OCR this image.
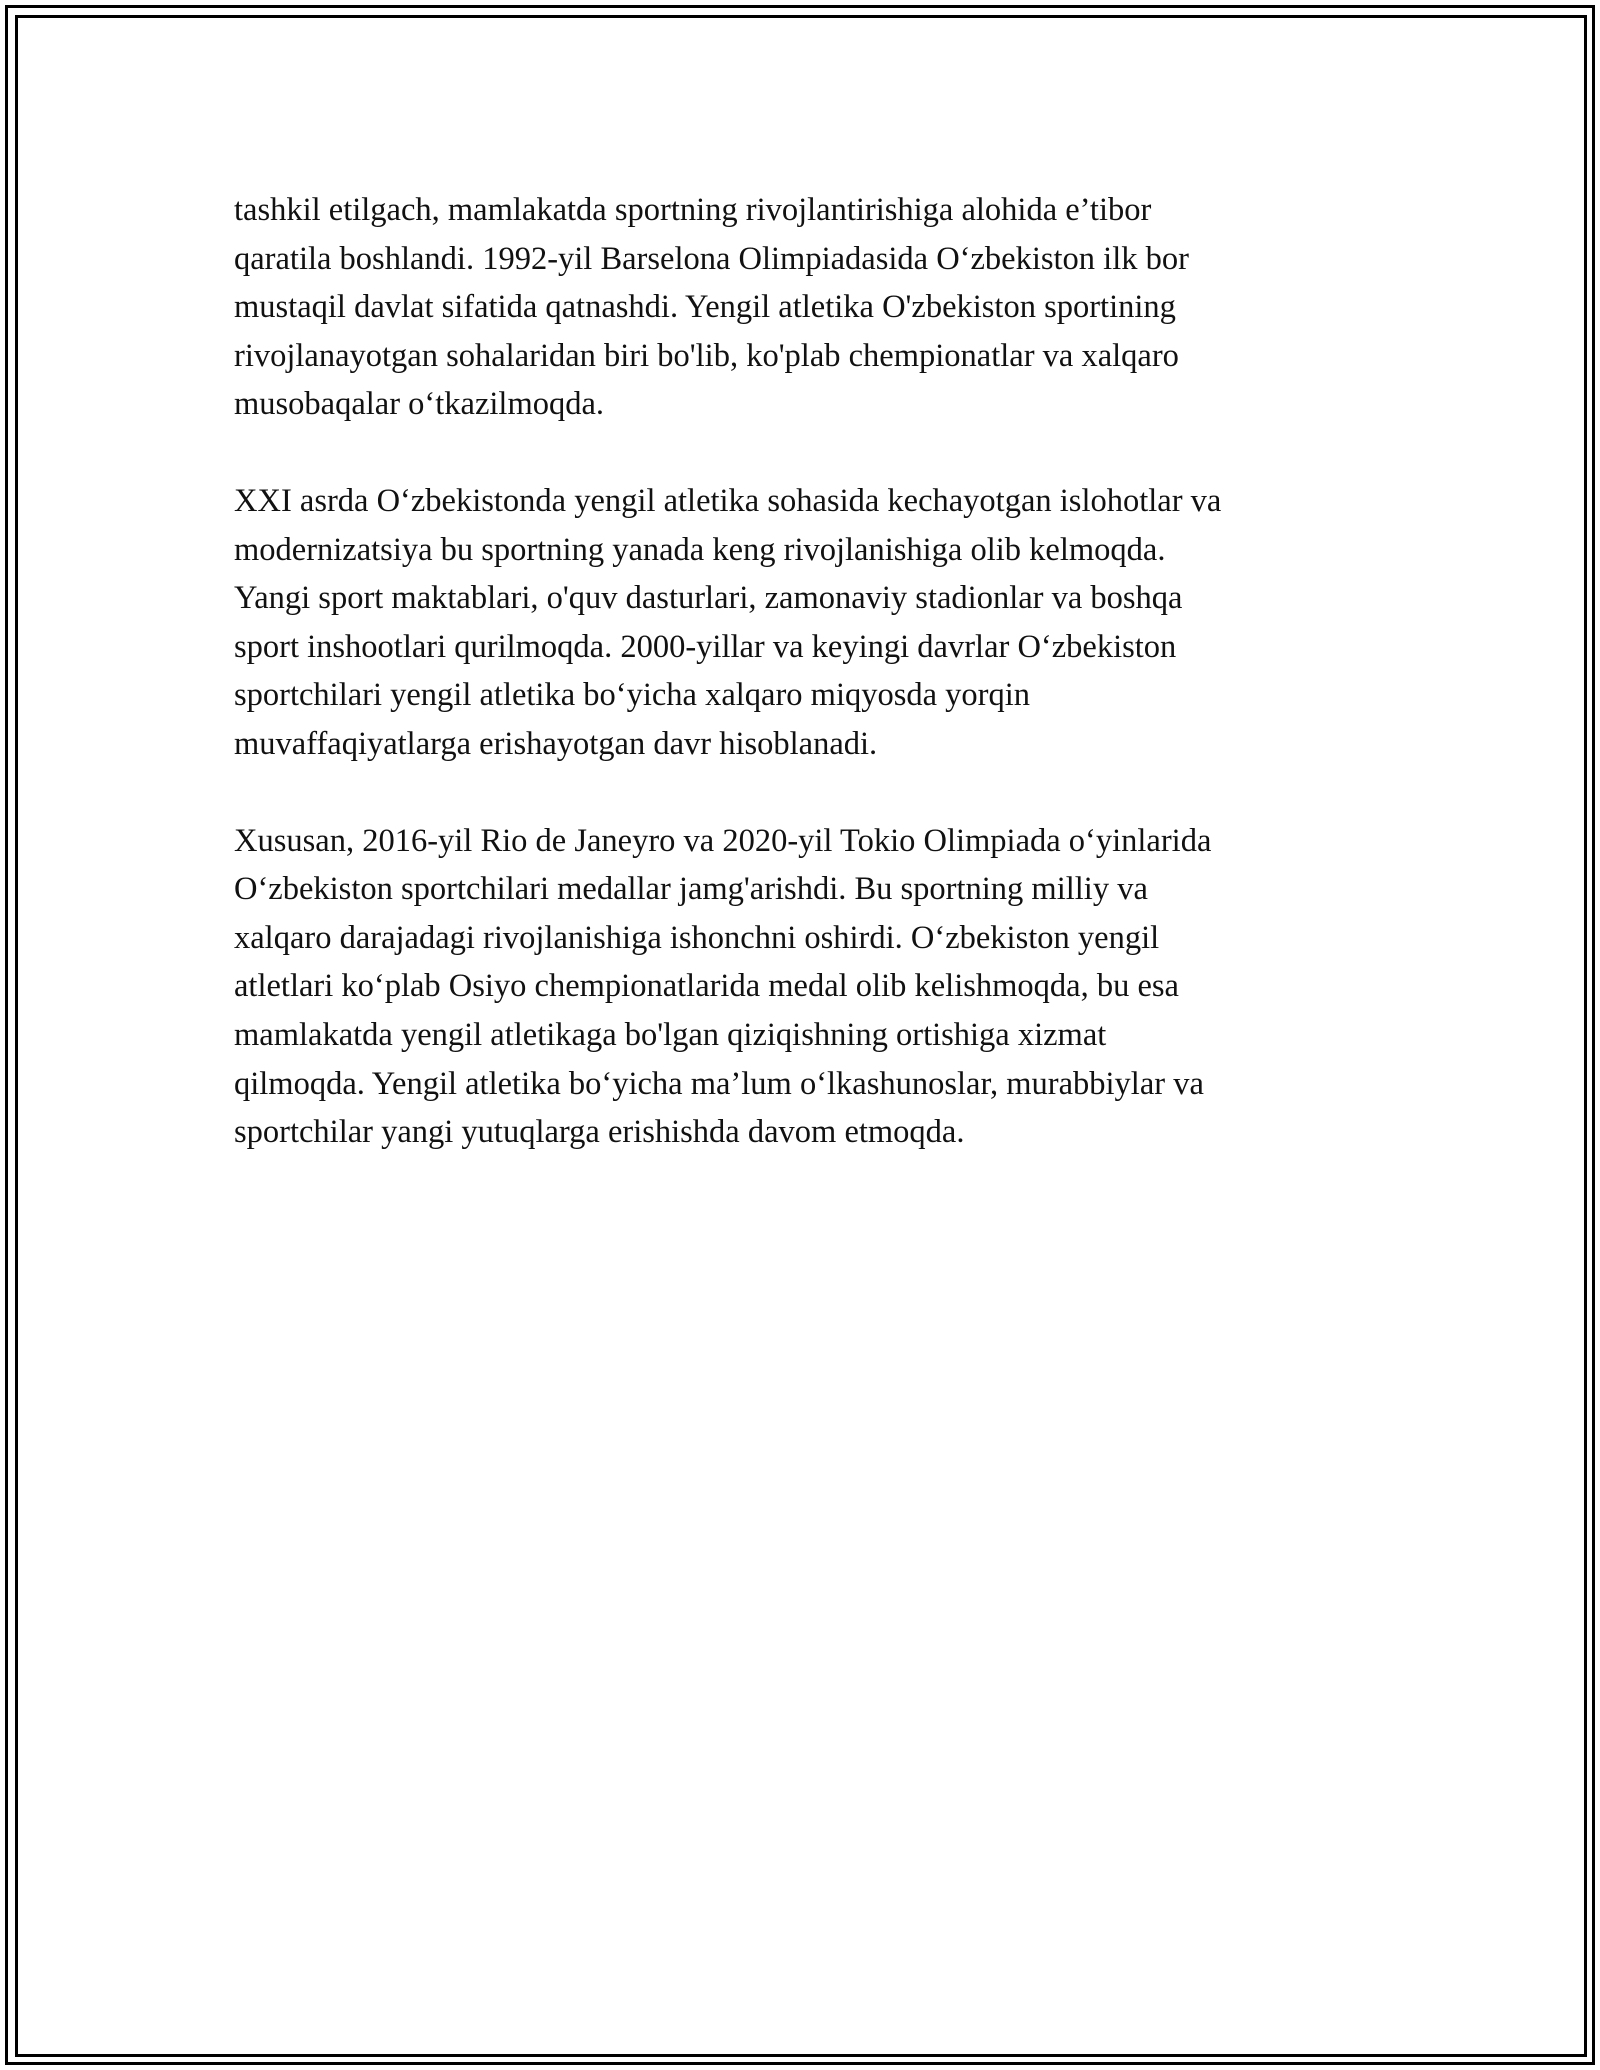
tashkil etilgach, mamlakatda sportning rivojlantirishiga alohida e’tibor
qaratila boshlandi. 1992-yil Barselona Olimpiadasida O‘zbekiston ilk bor
mustaqil davlat sifatida qatnashdi. Yengil atletika O'zbekiston sportining
rivojlanayotgan sohalaridan biri bo'lib, ko'plab chempionatlar va xalqaro
musobaqalar o‘tkazilmoqda.

XXI asrda O‘zbekistonda yengil atletika sohasida kechayotgan islohotlar va
modernizatsiya bu sportning yanada keng rivojlanishiga olib kelmoqda.
Yangi sport maktablari, o'quv dasturlari, zamonaviy stadionlar va boshqa
sport inshootlari qurilmoqda. 2000-yillar va keyingi davrlar O‘zbekiston
sportchilari yengil atletika bo‘yicha xalqaro miqyosda yorqin
muvaffaqiyatlarga erishayotgan davr hisoblanadi.

Xususan, 2016-yil Rio de Janeyro va 2020-yil Tokio Olimpiada o‘yinlarida
O‘zbekiston sportchilari medallar jamg'arishdi. Bu sportning milliy va
xalqaro darajadagi rivojlanishiga ishonchni oshirdi. O‘zbekiston yengil
atletlari ko‘plab Osiyo chempionatlarida medal olib kelishmoqda, bu esa
mamlakatda yengil atletikaga bo'lgan qiziqishning ortishiga xizmat
qilmoqda. Yengil atletika bo‘yicha ma’lum o‘lkashunoslar, murabbiylar va
sportchilar yangi yutuqlarga erishishda davom etmoqda.
